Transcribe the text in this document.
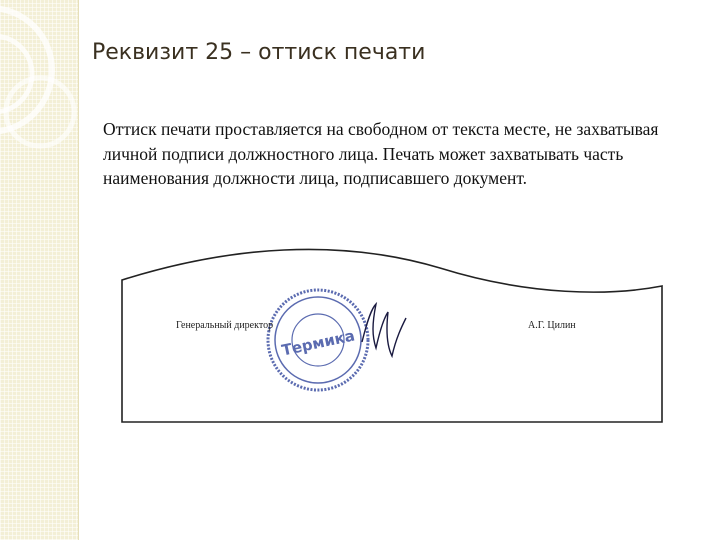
Реквизит 25 – оттиск печати

Оттиск печати проставляется на свободном от текста месте, не захватывая личной подписи должностного лица. Печать может захватывать часть наименования должности лица, подписавшего документ.

Термика
Генеральный директор	А.Г. Цилин
